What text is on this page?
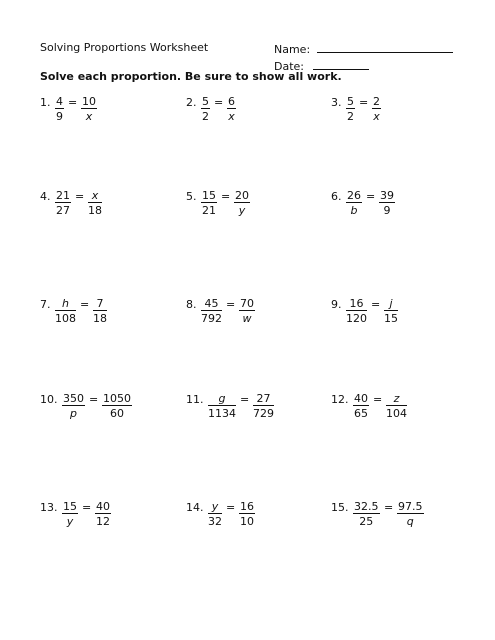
Solving Proportions Worksheet	Name:
Date:
Solve each proportion. Be sure to show all work.
1. $\frac{4}{9} = \frac{10}{x}$	2. $\frac{5}{2} = \frac{6}{x}$	3. $\frac{5}{2} = \frac{2}{x}$
4. $\frac{21}{27} = \frac{x}{18}$	5. $\frac{15}{21} = \frac{20}{y}$	6. $\frac{26}{b} = \frac{39}{9}$
7. $\frac{h}{108} = \frac{7}{18}$	8. $\frac{45}{792} = \frac{70}{w}$	9. $\frac{16}{120} = \frac{j}{15}$
10. $\frac{350}{p} = \frac{1050}{60}$	11. $\frac{g}{1134} = \frac{27}{729}$	12. $\frac{40}{65} = \frac{z}{104}$
13. $\frac{15}{y} = \frac{40}{12}$	14. $\frac{y}{32} = \frac{16}{10}$	15. $\frac{32.5}{25} = \frac{97.5}{q}$
